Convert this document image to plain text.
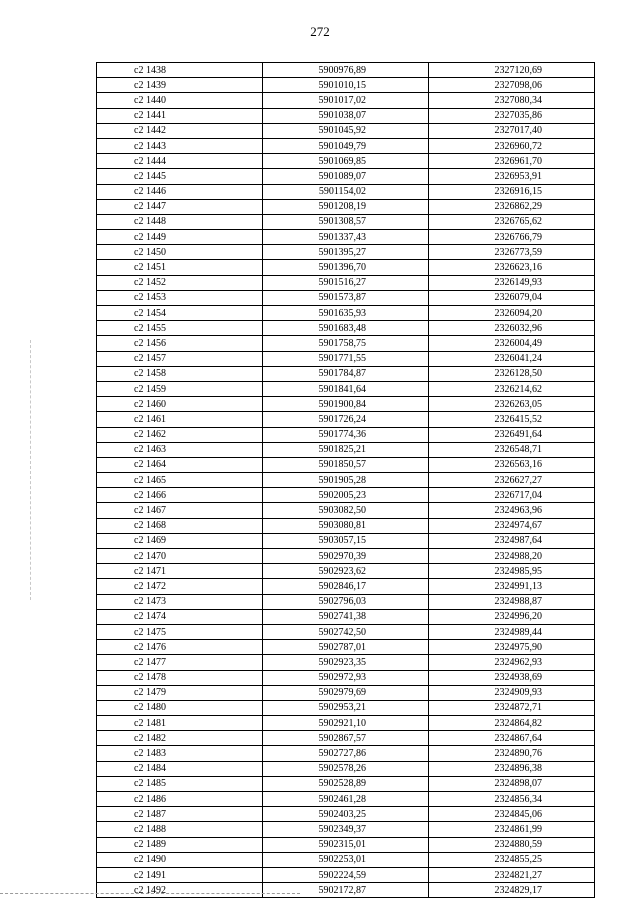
272
с2 1438	5900976,89	2327120,69
с2 1439	5901010,15	2327098,06
с2 1440	5901017,02	2327080,34
с2 1441	5901038,07	2327035,86
с2 1442	5901045,92	2327017,40
с2 1443	5901049,79	2326960,72
с2 1444	5901069,85	2326961,70
с2 1445	5901089,07	2326953,91
с2 1446	5901154,02	2326916,15
с2 1447	5901208,19	2326862,29
с2 1448	5901308,57	2326765,62
с2 1449	5901337,43	2326766,79
с2 1450	5901395,27	2326773,59
с2 1451	5901396,70	2326623,16
с2 1452	5901516,27	2326149,93
с2 1453	5901573,87	2326079,04
с2 1454	5901635,93	2326094,20
с2 1455	5901683,48	2326032,96
с2 1456	5901758,75	2326004,49
с2 1457	5901771,55	2326041,24
с2 1458	5901784,87	2326128,50
с2 1459	5901841,64	2326214,62
с2 1460	5901900,84	2326263,05
с2 1461	5901726,24	2326415,52
с2 1462	5901774,36	2326491,64
с2 1463	5901825,21	2326548,71
с2 1464	5901850,57	2326563,16
с2 1465	5901905,28	2326627,27
с2 1466	5902005,23	2326717,04
с2 1467	5903082,50	2324963,96
с2 1468	5903080,81	2324974,67
с2 1469	5903057,15	2324987,64
с2 1470	5902970,39	2324988,20
с2 1471	5902923,62	2324985,95
с2 1472	5902846,17	2324991,13
с2 1473	5902796,03	2324988,87
с2 1474	5902741,38	2324996,20
с2 1475	5902742,50	2324989,44
с2 1476	5902787,01	2324975,90
с2 1477	5902923,35	2324962,93
с2 1478	5902972,93	2324938,69
с2 1479	5902979,69	2324909,93
с2 1480	5902953,21	2324872,71
с2 1481	5902921,10	2324864,82
с2 1482	5902867,57	2324867,64
с2 1483	5902727,86	2324890,76
с2 1484	5902578,26	2324896,38
с2 1485	5902528,89	2324898,07
с2 1486	5902461,28	2324856,34
с2 1487	5902403,25	2324845,06
с2 1488	5902349,37	2324861,99
с2 1489	5902315,01	2324880,59
с2 1490	5902253,01	2324855,25
с2 1491	5902224,59	2324821,27
с2 1492	5902172,87	2324829,17
